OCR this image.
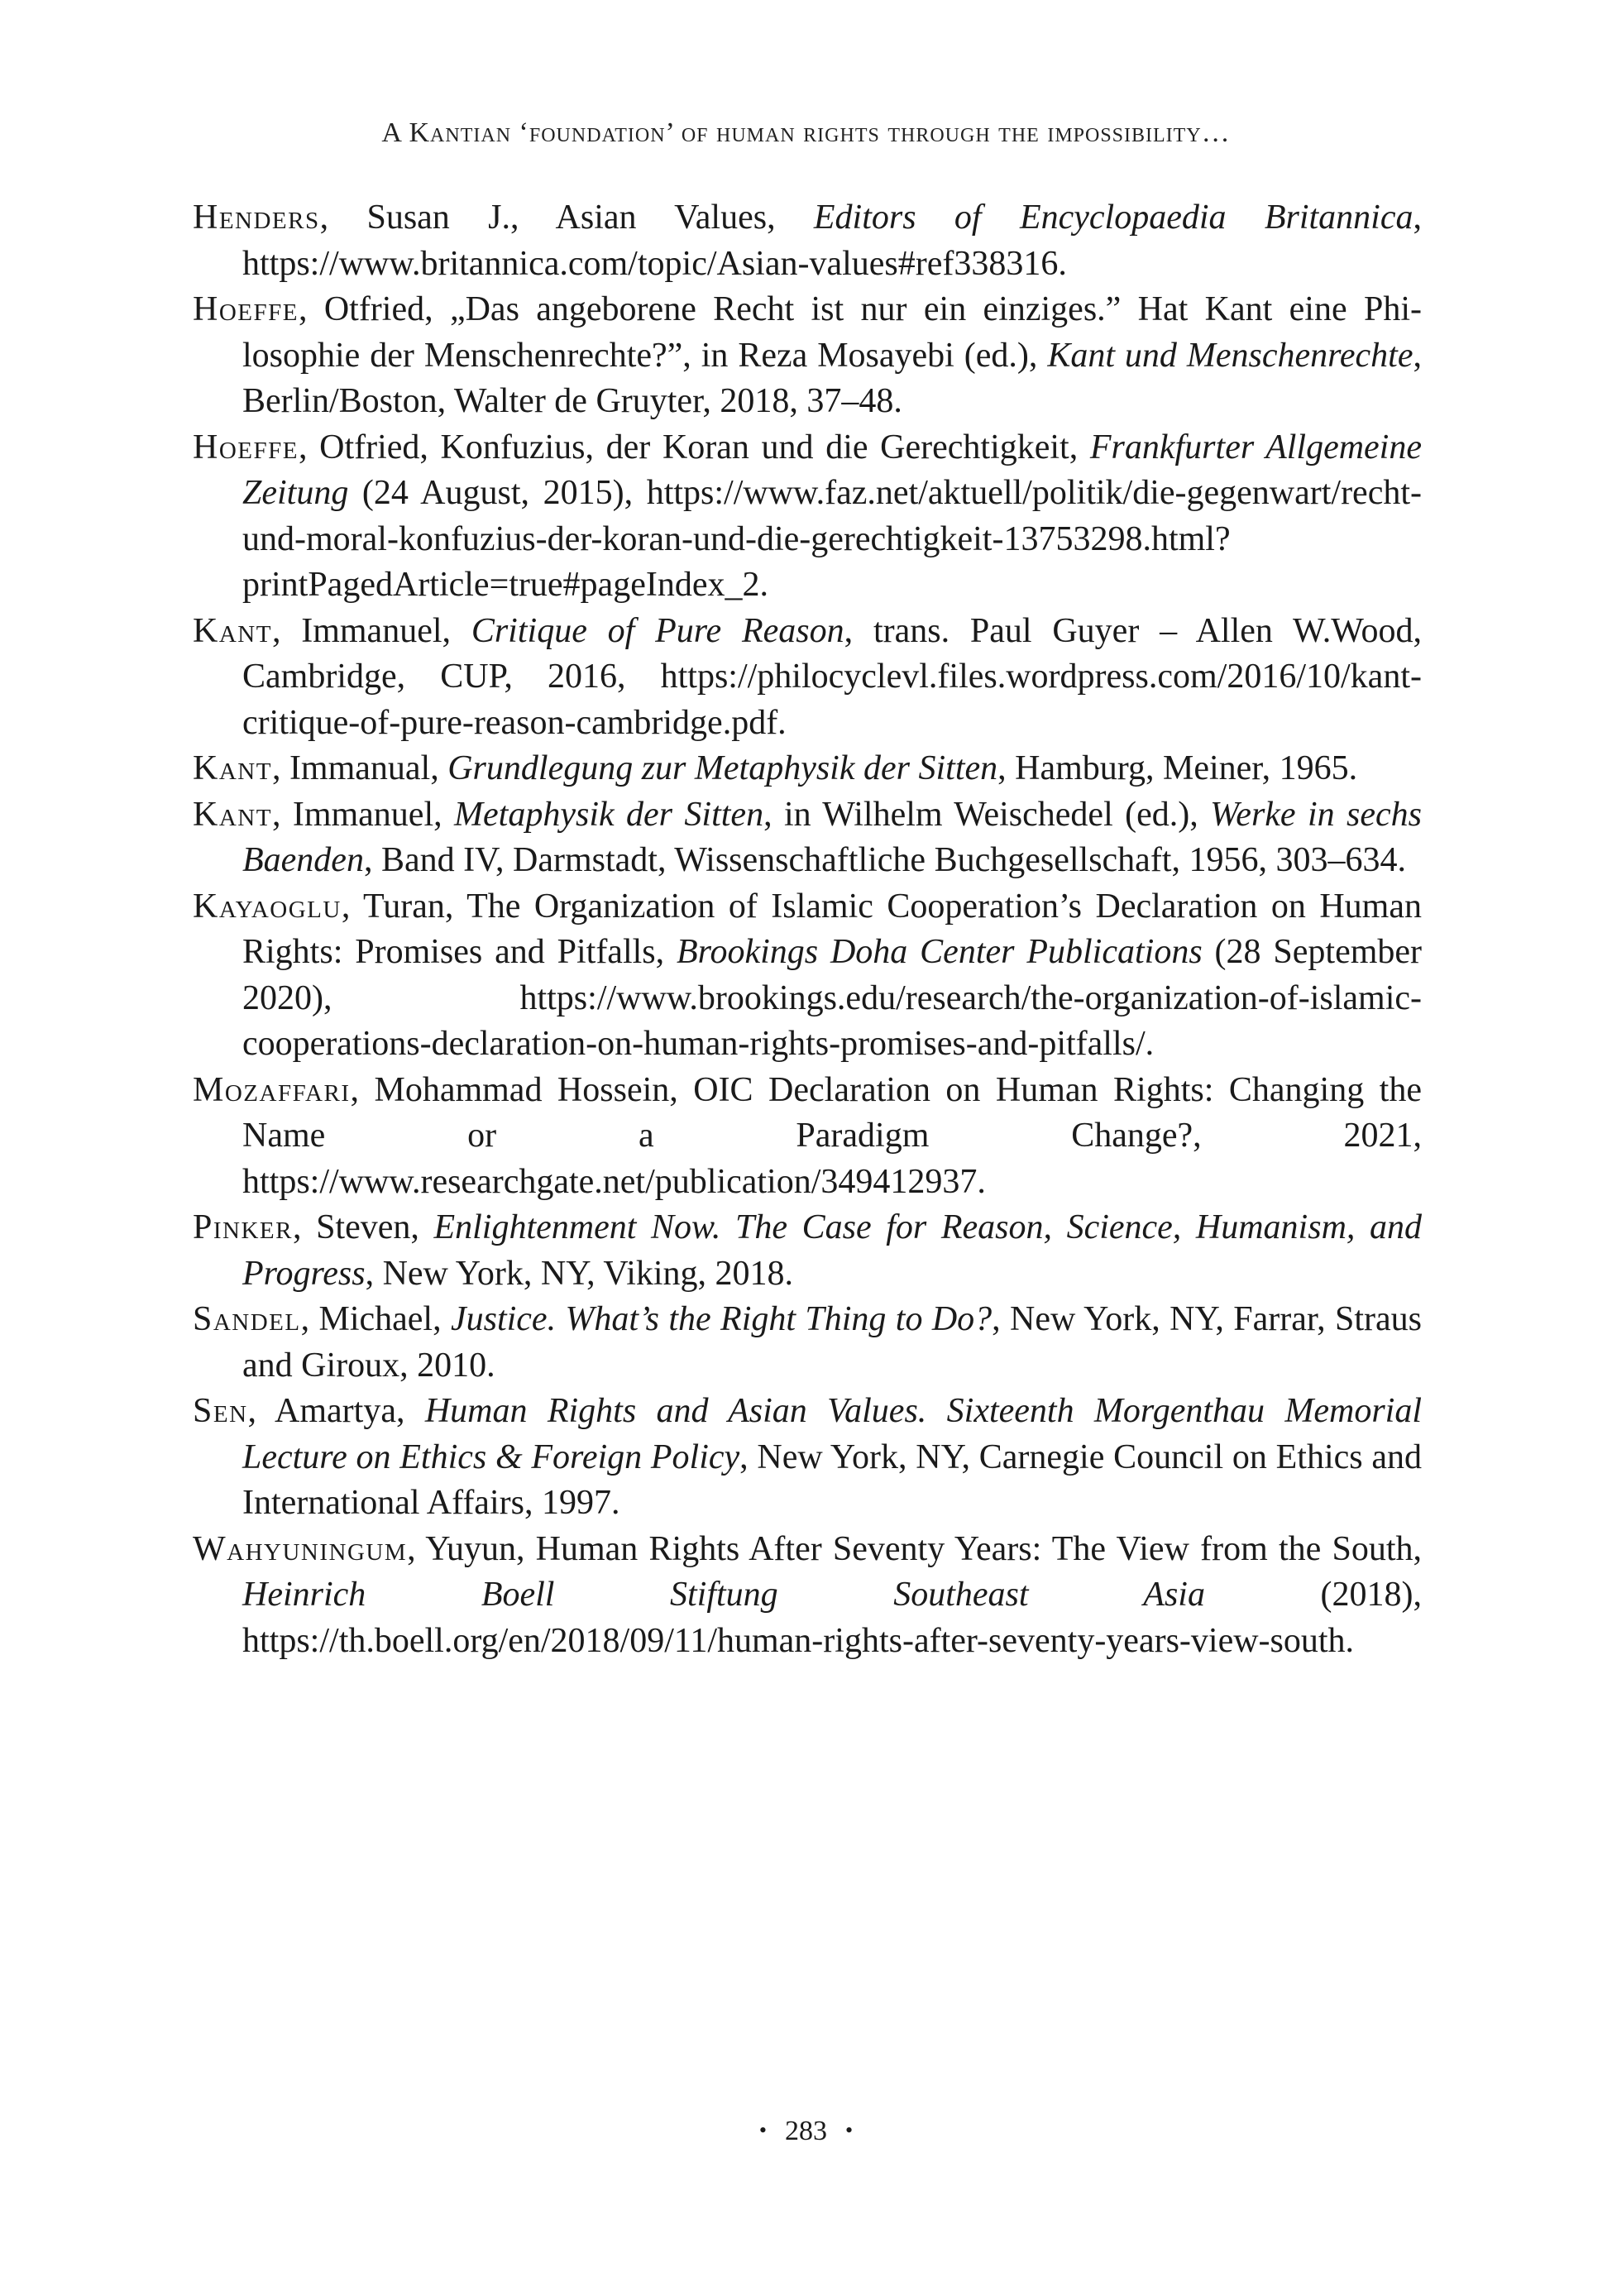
A Kantian ‘foundation’ of human rights through the impossibility…
Henders, Susan J., Asian Values, Editors of Encyclopaedia Britannica, https://www.britannica.com/topic/Asian-values#ref338316.
Hoeffe, Otfried, „Das angeborene Recht ist nur ein einziges.” Hat Kant eine Philosophie der Menschenrechte?”, in Reza Mosayebi (ed.), Kant und Menschenrechte, Berlin/Boston, Walter de Gruyter, 2018, 37–48.
Hoeffe, Otfried, Konfuzius, der Koran und die Gerechtigkeit, Frankfurter Allgemeine Zeitung (24 August, 2015), https://www.faz.net/aktuell/politik/die-gegenwart/recht-und-moral-konfuzius-der-koran-und-die-gerechtigkeit-13753298.html?printPagedArticle=true#pageIndex_2.
Kant, Immanuel, Critique of Pure Reason, trans. Paul Guyer – Allen W.Wood, Cambridge, CUP, 2016, https://philocyclevl.files.wordpress.com/2016/10/kantcritique-of-pure-reason-cambridge.pdf.
Kant, Immanual, Grundlegung zur Metaphysik der Sitten, Hamburg, Meiner, 1965.
Kant, Immanuel, Metaphysik der Sitten, in Wilhelm Weischedel (ed.), Werke in sechs Baenden, Band IV, Darmstadt, Wissenschaftliche Buchgesellschaft, 1956, 303–634.
Kayaoglu, Turan, The Organization of Islamic Cooperation’s Declaration on Human Rights: Promises and Pitfalls, Brookings Doha Center Publications (28 September 2020), https://www.brookings.edu/research/the-organization-of-islamic-cooperations-declaration-on-human-rights-promises-and-pitfalls/.
Mozaffari, Mohammad Hossein, OIC Declaration on Human Rights: Changing the Name or a Paradigm Change?, 2021, https://www.researchgate.net/publication/349412937.
Pinker, Steven, Enlightenment Now. The Case for Reason, Science, Humanism, and Progress, New York, NY, Viking, 2018.
Sandel, Michael, Justice. What’s the Right Thing to Do?, New York, NY, Farrar, Straus and Giroux, 2010.
Sen, Amartya, Human Rights and Asian Values. Sixteenth Morgenthau Memorial Lecture on Ethics & Foreign Policy, New York, NY, Carnegie Council on Ethics and International Affairs, 1997.
Wahyuningum, Yuyun, Human Rights After Seventy Years: The View from the South, Heinrich Boell Stiftung Southeast Asia (2018), https://th.boell.org/en/2018/09/11/human-rights-after-seventy-years-view-south.
• 283 •
